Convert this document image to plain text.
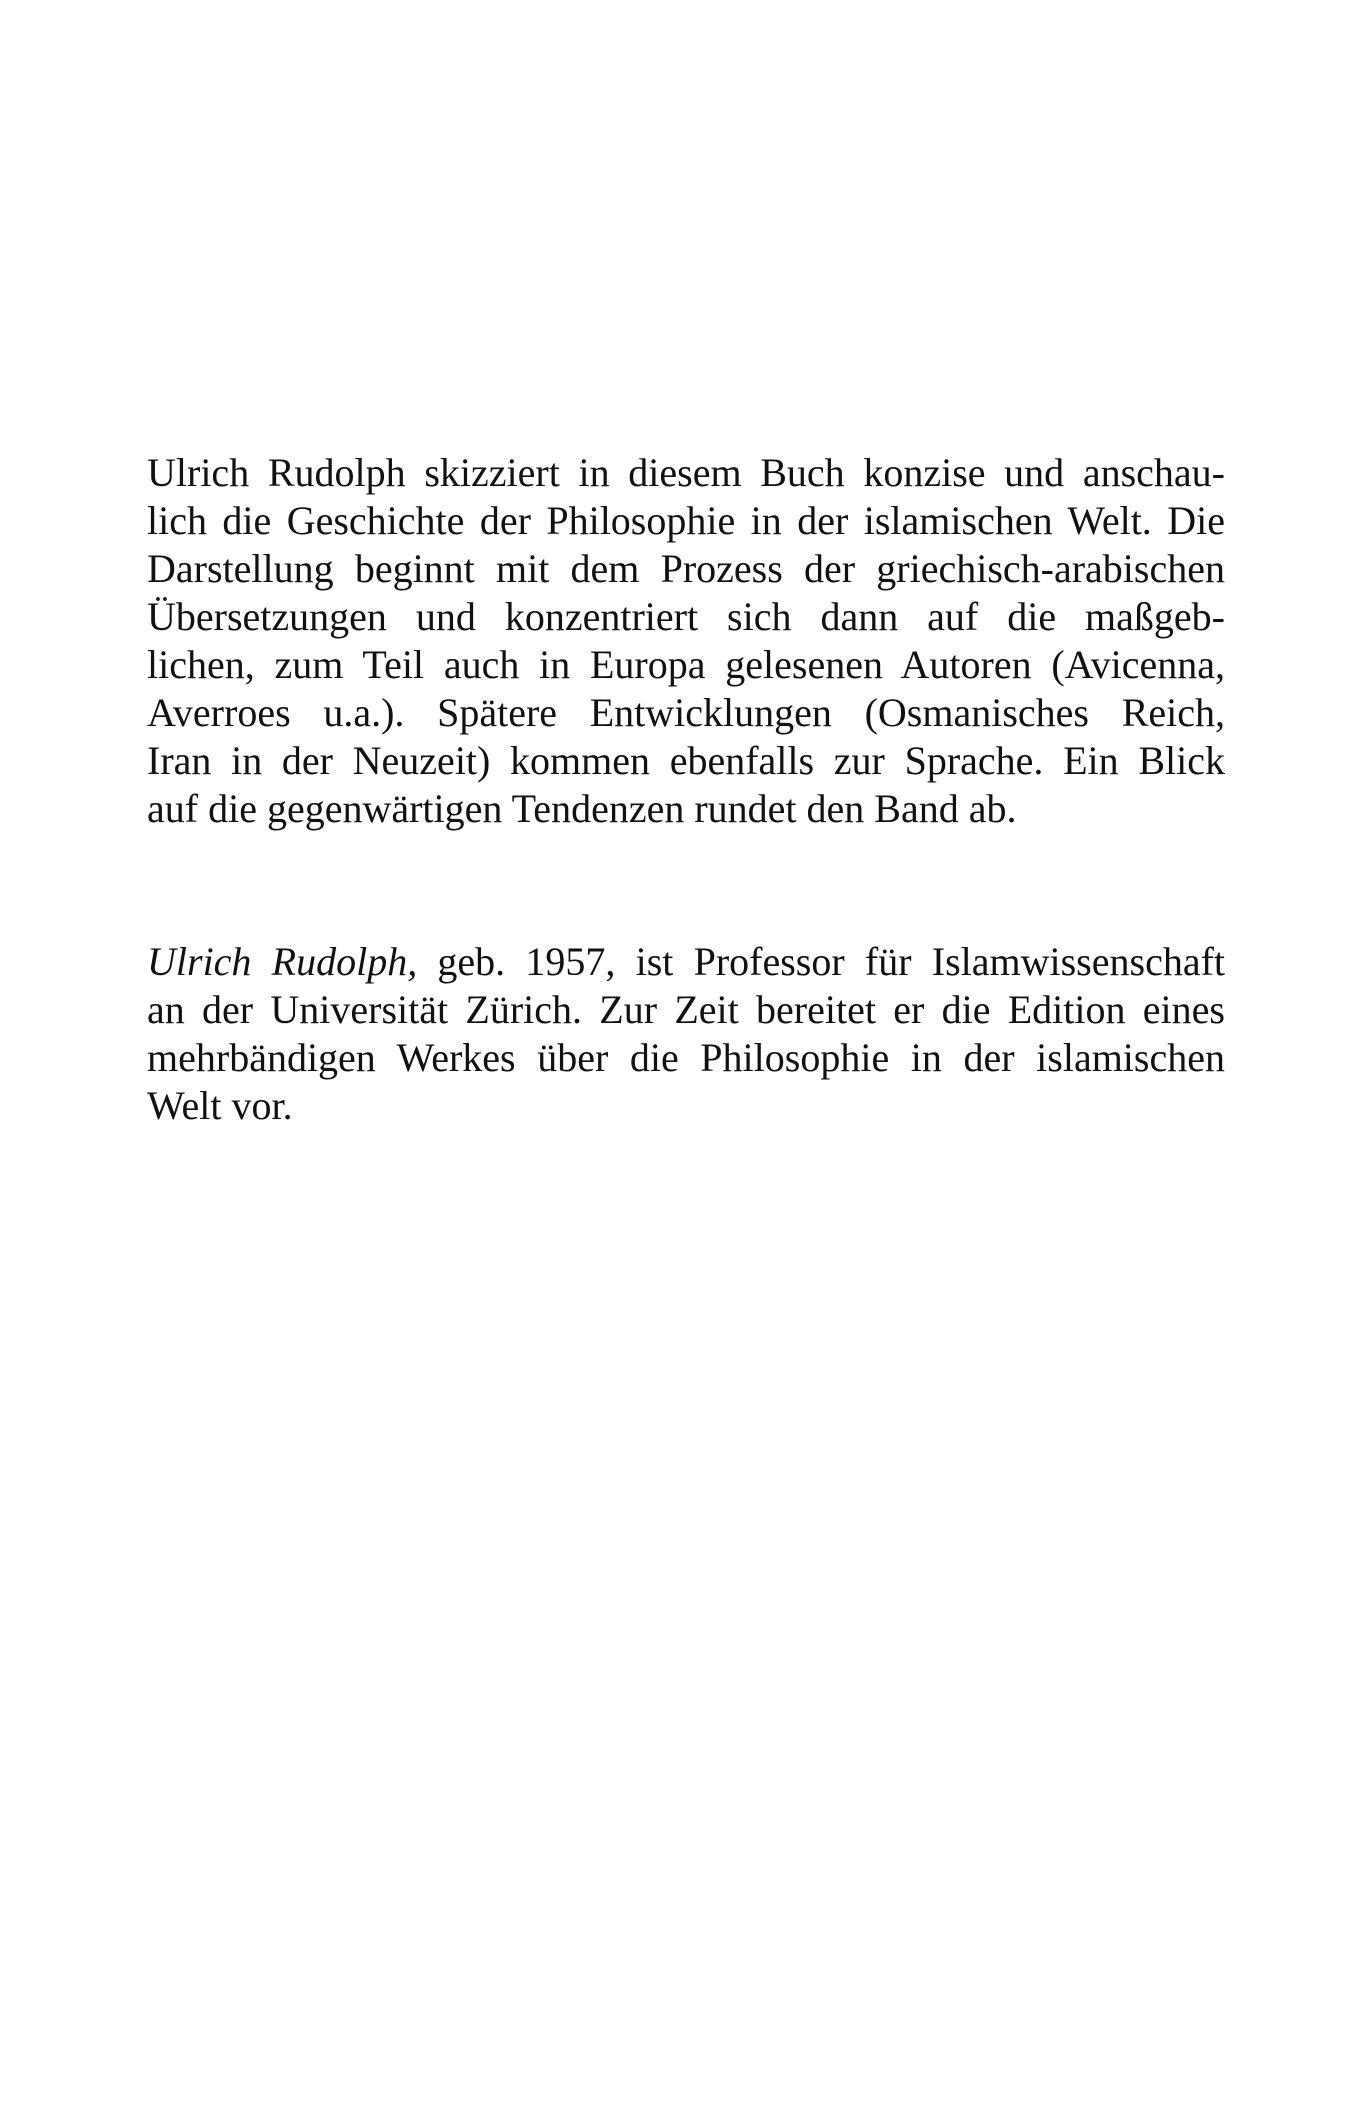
Ulrich Rudolph skizziert in diesem Buch konzise und anschau-
lich die Geschichte der Philosophie in der islamischen Welt. Die
Darstellung beginnt mit dem Prozess der griechisch-arabischen
Übersetzungen und konzentriert sich dann auf die maßgeb-
lichen, zum Teil auch in Europa gelesenen Autoren (Avicenna,
Averroes u.a.). Spätere Entwicklungen (Osmanisches Reich,
Iran in der Neuzeit) kommen ebenfalls zur Sprache. Ein Blick
auf die gegenwärtigen Tendenzen rundet den Band ab.
Ulrich Rudolph, geb. 1957, ist Professor für Islamwissenschaft
an der Universität Zürich. Zur Zeit bereitet er die Edition eines
mehrbändigen Werkes über die Philosophie in der islamischen
Welt vor.
